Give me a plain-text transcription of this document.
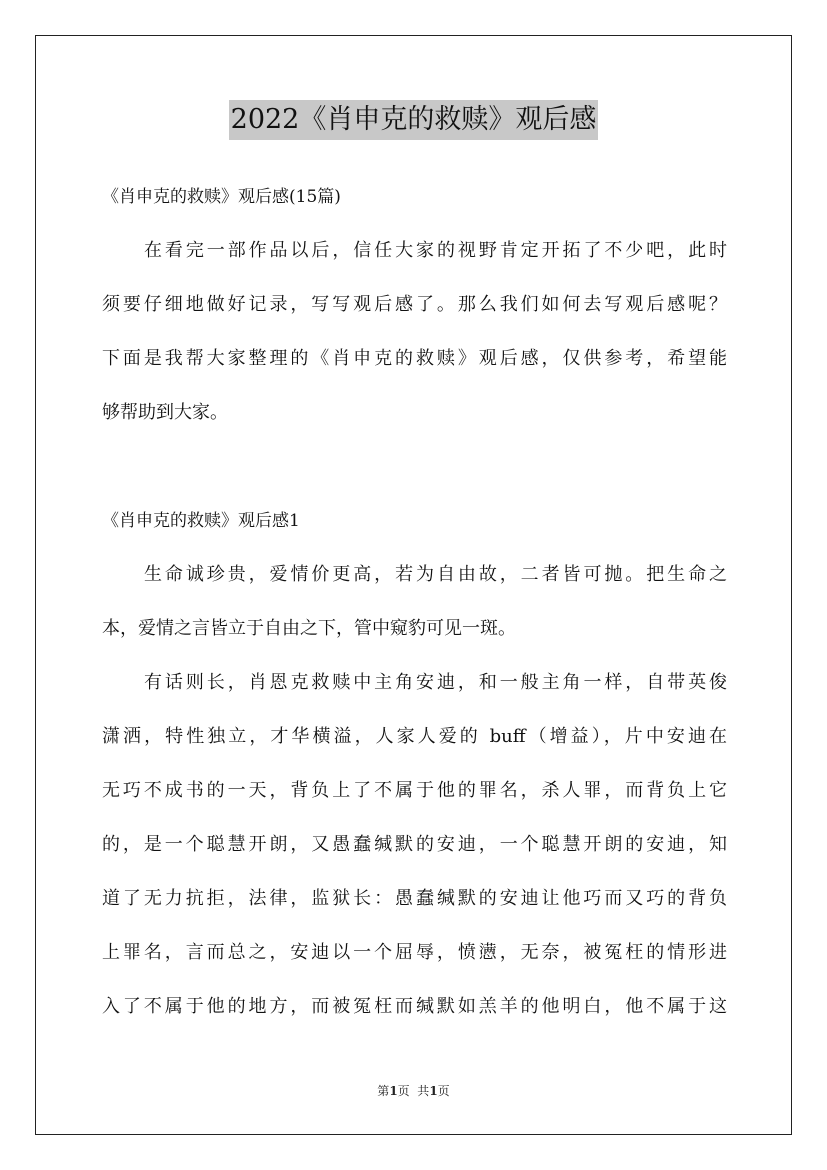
2022《肖申克的救赎》观后感
《肖申克的救赎》观后感(15篇)
在看完一部作品以后，信任大家的视野肯定开拓了不少吧，此时
须要仔细地做好记录，写写观后感了。那么我们如何去写观后感呢？
下面是我帮大家整理的《肖申克的救赎》观后感，仅供参考，希望能
够帮助到大家。
《肖申克的救赎》观后感1
生命诚珍贵，爱情价更高，若为自由故，二者皆可抛。把生命之
本，爱情之言皆立于自由之下，管中窥豹可见一斑。
有话则长，肖恩克救赎中主角安迪，和一般主角一样，自带英俊
潇洒，特性独立，才华横溢，人家人爱的 buff（增益），片中安迪在
无巧不成书的一天，背负上了不属于他的罪名，杀人罪，而背负上它
的，是一个聪慧开朗，又愚蠢缄默的安迪，一个聪慧开朗的安迪，知
道了无力抗拒，法律，监狱长：愚蠢缄默的安迪让他巧而又巧的背负
上罪名，言而总之，安迪以一个屈辱，愤懑，无奈，被冤枉的情形进
入了不属于他的地方，而被冤枉而缄默如羔羊的他明白，他不属于这
第1页  共1页
